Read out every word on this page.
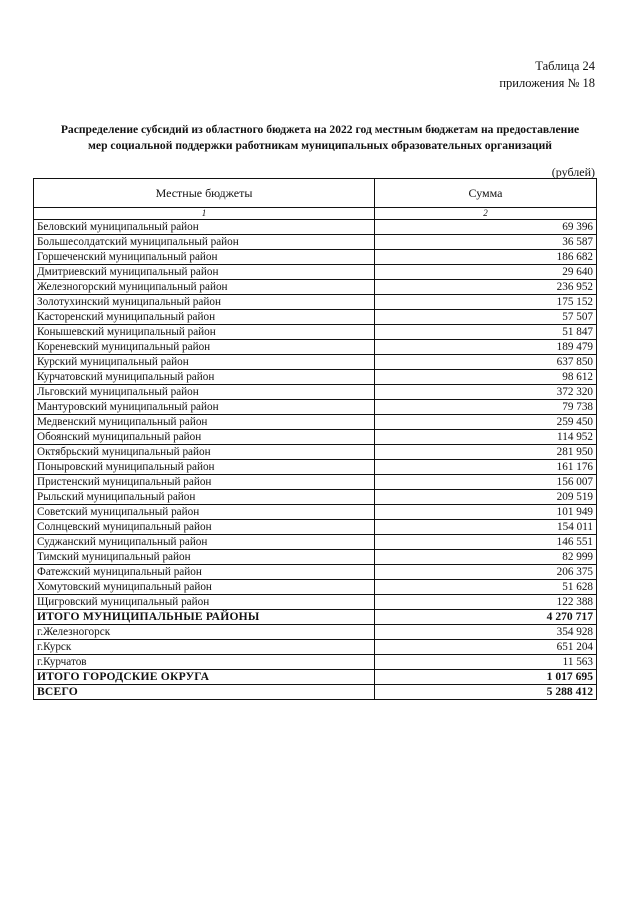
Таблица 24
приложения № 18
Распределение субсидий из областного бюджета на 2022 год местным бюджетам на предоставление
мер социальной поддержки работникам муниципальных образовательных организаций
(рублей)
Местные бюджеты	Сумма
1	2
Беловский муниципальный район	69 396
Большесолдатский муниципальный район	36 587
Горшеченский муниципальный район	186 682
Дмитриевский муниципальный район	29 640
Железногорский муниципальный район	236 952
Золотухинский муниципальный район	175 152
Касторенский муниципальный район	57 507
Конышевский муниципальный район	51 847
Кореневский муниципальный район	189 479
Курский муниципальный район	637 850
Курчатовский муниципальный район	98 612
Льговский муниципальный район	372 320
Мантуровский муниципальный район	79 738
Медвенский муниципальный район	259 450
Обоянский муниципальный район	114 952
Октябрьский муниципальный район	281 950
Поныровский муниципальный район	161 176
Пристенский муниципальный район	156 007
Рыльский муниципальный район	209 519
Советский муниципальный район	101 949
Солнцевский муниципальный район	154 011
Суджанский муниципальный район	146 551
Тимский муниципальный район	82 999
Фатежский муниципальный район	206 375
Хомутовский муниципальный район	51 628
Щигровский муниципальный район	122 388
ИТОГО МУНИЦИПАЛЬНЫЕ РАЙОНЫ	4 270 717
г.Железногорск	354 928
г.Курск	651 204
г.Курчатов	11 563
ИТОГО ГОРОДСКИЕ ОКРУГА	1 017 695
ВСЕГО	5 288 412
